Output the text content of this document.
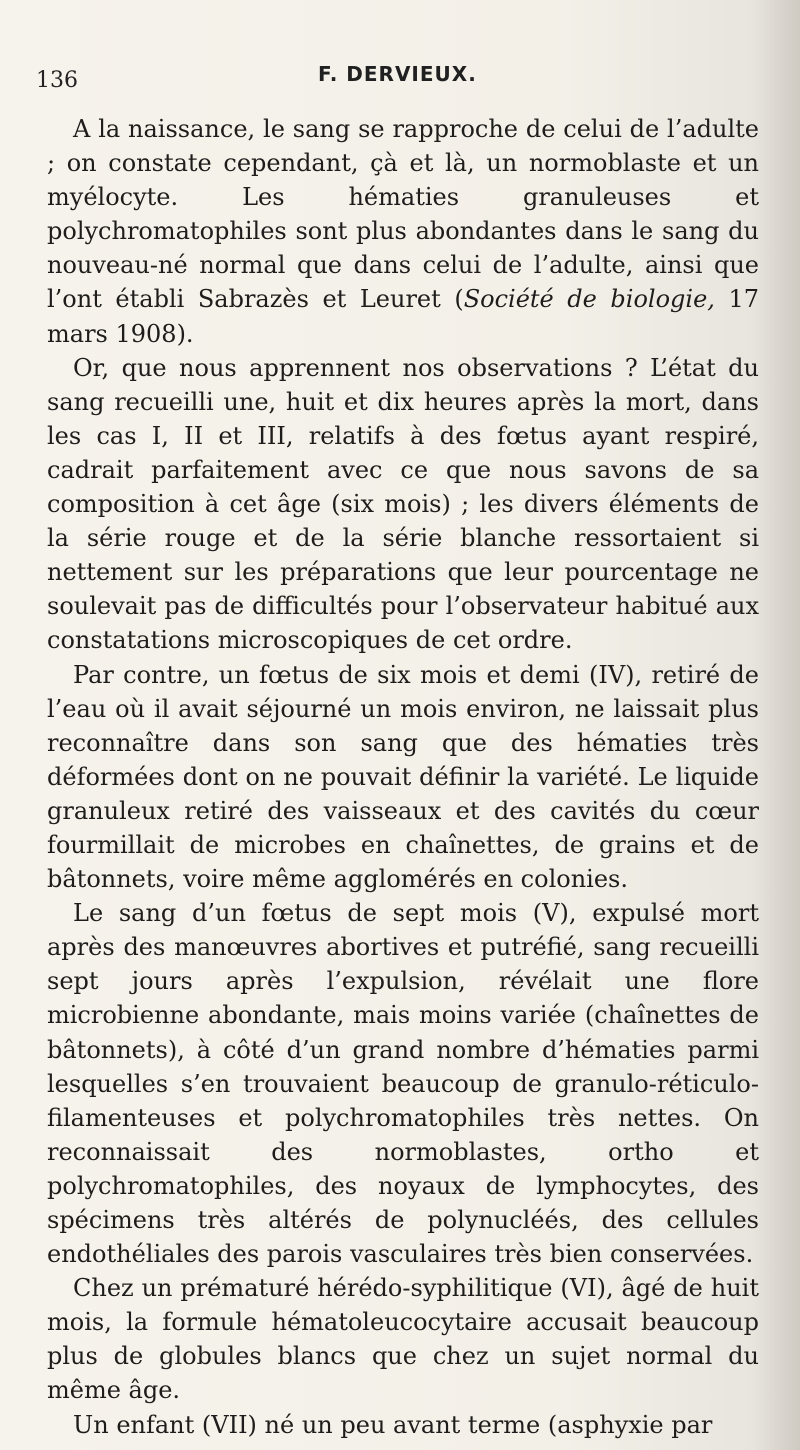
136	F. DERVIEUX.

A la naissance, le sang se rapproche de celui de l’adulte ; on constate cependant, çà et là, un normoblaste et un myélocyte. Les hématies granuleuses et polychromatophiles sont plus abondantes dans le sang du nouveau-né normal que dans celui de l’adulte, ainsi que l’ont établi Sabrazès et Leuret (Société de biologie, 17 mars 1908).

Or, que nous apprennent nos observations ? L’état du sang recueilli une, huit et dix heures après la mort, dans les cas I, II et III, relatifs à des fœtus ayant respiré, cadrait parfaitement avec ce que nous savons de sa composition à cet âge (six mois) ; les divers éléments de la série rouge et de la série blanche ressortaient si nettement sur les préparations que leur pourcentage ne soulevait pas de difficultés pour l’observateur habitué aux constatations microscopiques de cet ordre.

Par contre, un fœtus de six mois et demi (IV), retiré de l’eau où il avait séjourné un mois environ, ne laissait plus reconnaître dans son sang que des hématies très déformées dont on ne pouvait définir la variété. Le liquide granuleux retiré des vaisseaux et des cavités du cœur fourmillait de microbes en chaînettes, de grains et de bâtonnets, voire même agglomérés en colonies.

Le sang d’un fœtus de sept mois (V), expulsé mort après des manœuvres abortives et putréfié, sang recueilli sept jours après l’expulsion, révélait une flore microbienne abondante, mais moins variée (chaînettes de bâtonnets), à côté d’un grand nombre d’hématies parmi lesquelles s’en trouvaient beaucoup de granulo-réticulo-filamenteuses et polychromatophiles très nettes. On reconnaissait des normoblastes, ortho et polychromatophiles, des noyaux de lymphocytes, des spécimens très altérés de polynucléés, des cellules endothéliales des parois vasculaires très bien conservées.

Chez un prématuré hérédo-syphilitique (VI), âgé de huit mois, la formule hématoleucocytaire accusait beaucoup plus de globules blancs que chez un sujet normal du même âge.

Un enfant (VII) né un peu avant terme (asphyxie par
